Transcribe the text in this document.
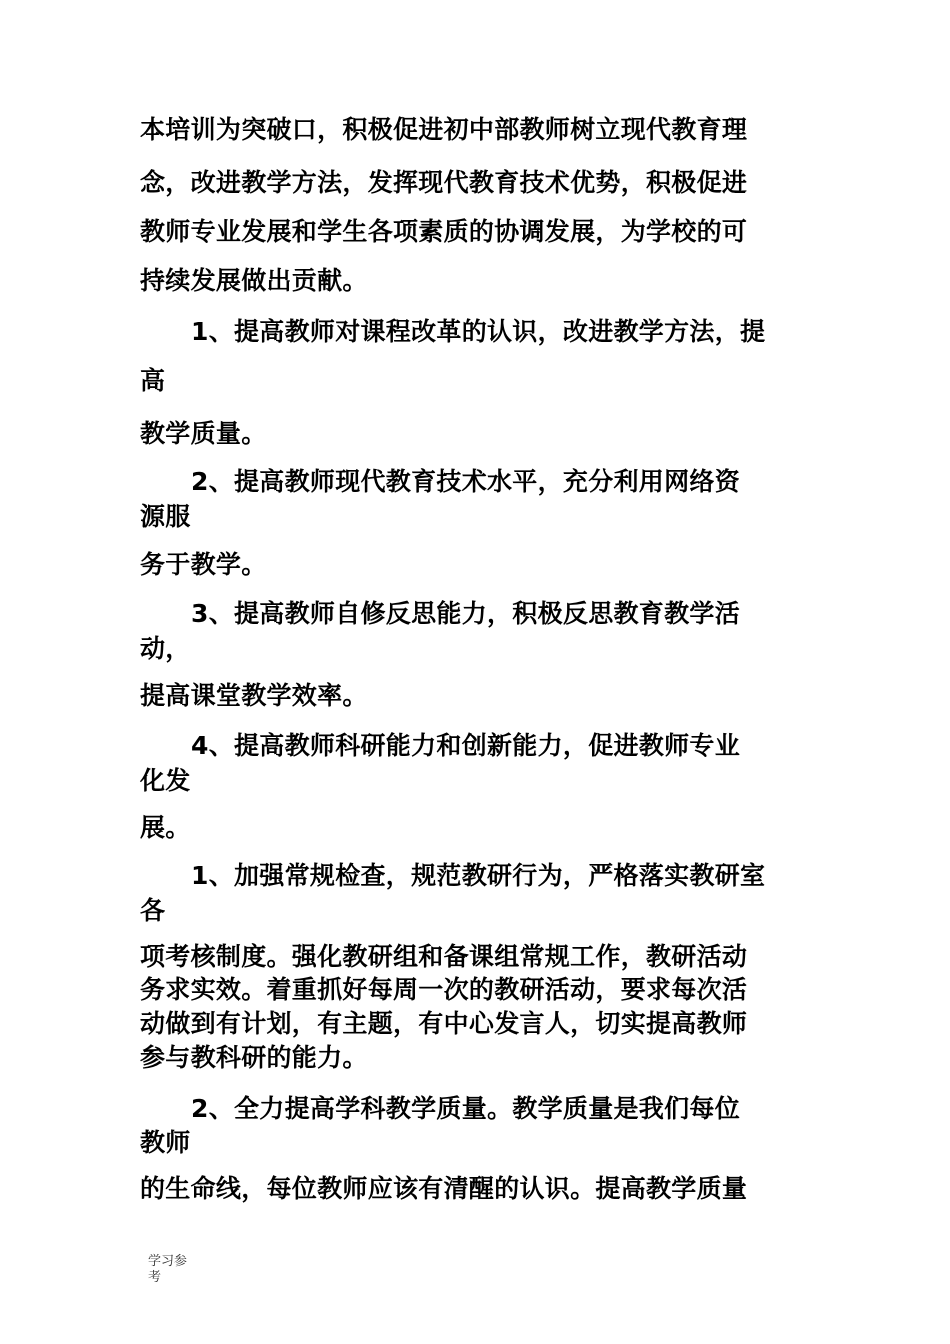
本培训为突破口，积极促进初中部教师树立现代教育理

念，改进教学方法，发挥现代教育技术优势，积极促进

教师专业发展和学生各项素质的协调发展，为学校的可

持续发展做出贡献。

1、提高教师对课程改革的认识，改进教学方法，提

高

教学质量。

2、提高教师现代教育技术水平，充分利用网络资

源服

务于教学。

3、提高教师自修反思能力，积极反思教育教学活

动，

提高课堂教学效率。

4、提高教师科研能力和创新能力，促进教师专业

化发

展。

1、加强常规检查，规范教研行为，严格落实教研室

各

项考核制度。强化教研组和备课组常规工作，教研活动

务求实效。着重抓好每周一次的教研活动，要求每次活

动做到有计划，有主题，有中心发言人，切实提高教师

参与教科研的能力。

2、全力提高学科教学质量。教学质量是我们每位

教师

的生命线，每位教师应该有清醒的认识。提高教学质量

学习参考
